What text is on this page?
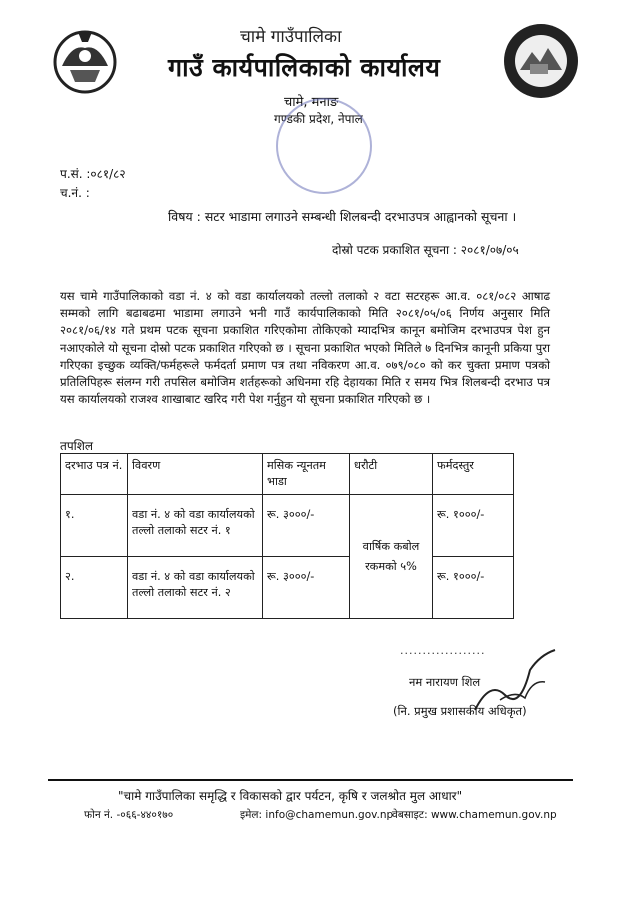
चामे गाउँपालिका
गाउँ कार्यपालिकाको कार्यालय
चामे, मनाङ
गण्डकी प्रदेश, नेपाल
प.सं. :०८१/८२
च.नं. :
विषय : सटर भाडामा लगाउने सम्बन्धी शिलबन्दी दरभाउपत्र आह्वानको सूचना ।
दोस्रो पटक प्रकाशित सूचना : २०८१/०७/०५
यस चामे गाउँपालिकाको वडा नं. ४ को वडा कार्यालयको तल्लो तलाको २ वटा सटरहरू आ.व. ०८१/०८२ आषाढ सम्मको लागि बढाबढमा भाडामा लगाउने भनी गाउँ कार्यपालिकाको मिति २०८१/०५/०६ निर्णय अनुसार मिति २०८१/०६/१४ गते प्रथम पटक सूचना प्रकाशित गरिएकोमा तोकिएको म्यादभित्र कानून बमोजिम दरभाउपत्र पेश हुन नआएकोले यो सूचना दोस्रो पटक प्रकाशित गरिएको छ । सूचना प्रकाशित भएको मितिले ७ दिनभित्र कानूनी प्रकिया पुरा गरिएका इच्छुक व्यक्ति/फर्महरूले फर्मदर्ता प्रमाण पत्र तथा नविकरण आ.व. ०७९/०८० को कर चुक्ता प्रमाण पत्रको प्रतिलिपिहरू संलग्न गरी तपसिल बमोजिम शर्तहरूको अधिनमा रहि देहायका मिति र समय भित्र शिलबन्दी दरभाउ पत्र यस कार्यालयको राजश्व शाखाबाट खरिद गरी पेश गर्नुहुन यो सूचना प्रकाशित गरिएको छ ।
तपशिल
दरभाउ पत्र नं.	विवरण	मसिक न्यूनतम भाडा	धरौटी	फर्मदस्तुर
१.	वडा नं. ४ को वडा कार्यालयको तल्लो तलाको सटर नं. १	रू. ३०००/-	वार्षिक कबोल रकमको ५%	रू. १०००/-
२.	वडा नं. ४ को वडा कार्यालयको तल्लो तलाको सटर नं. २	रू. ३०००/-		रू. १०००/-
...................
नम नारायण शिल
(नि. प्रमुख प्रशासकीय अधिकृत)
"चामे गाउँपालिका समृद्धि र विकासको द्वार पर्यटन, कृषि र जलश्रोत मुल आधार"
फोन नं. -०६६-४४०१७०	इमेल: info@chamemun.gov.np
वेबसाइट: www.chamemun.gov.np
